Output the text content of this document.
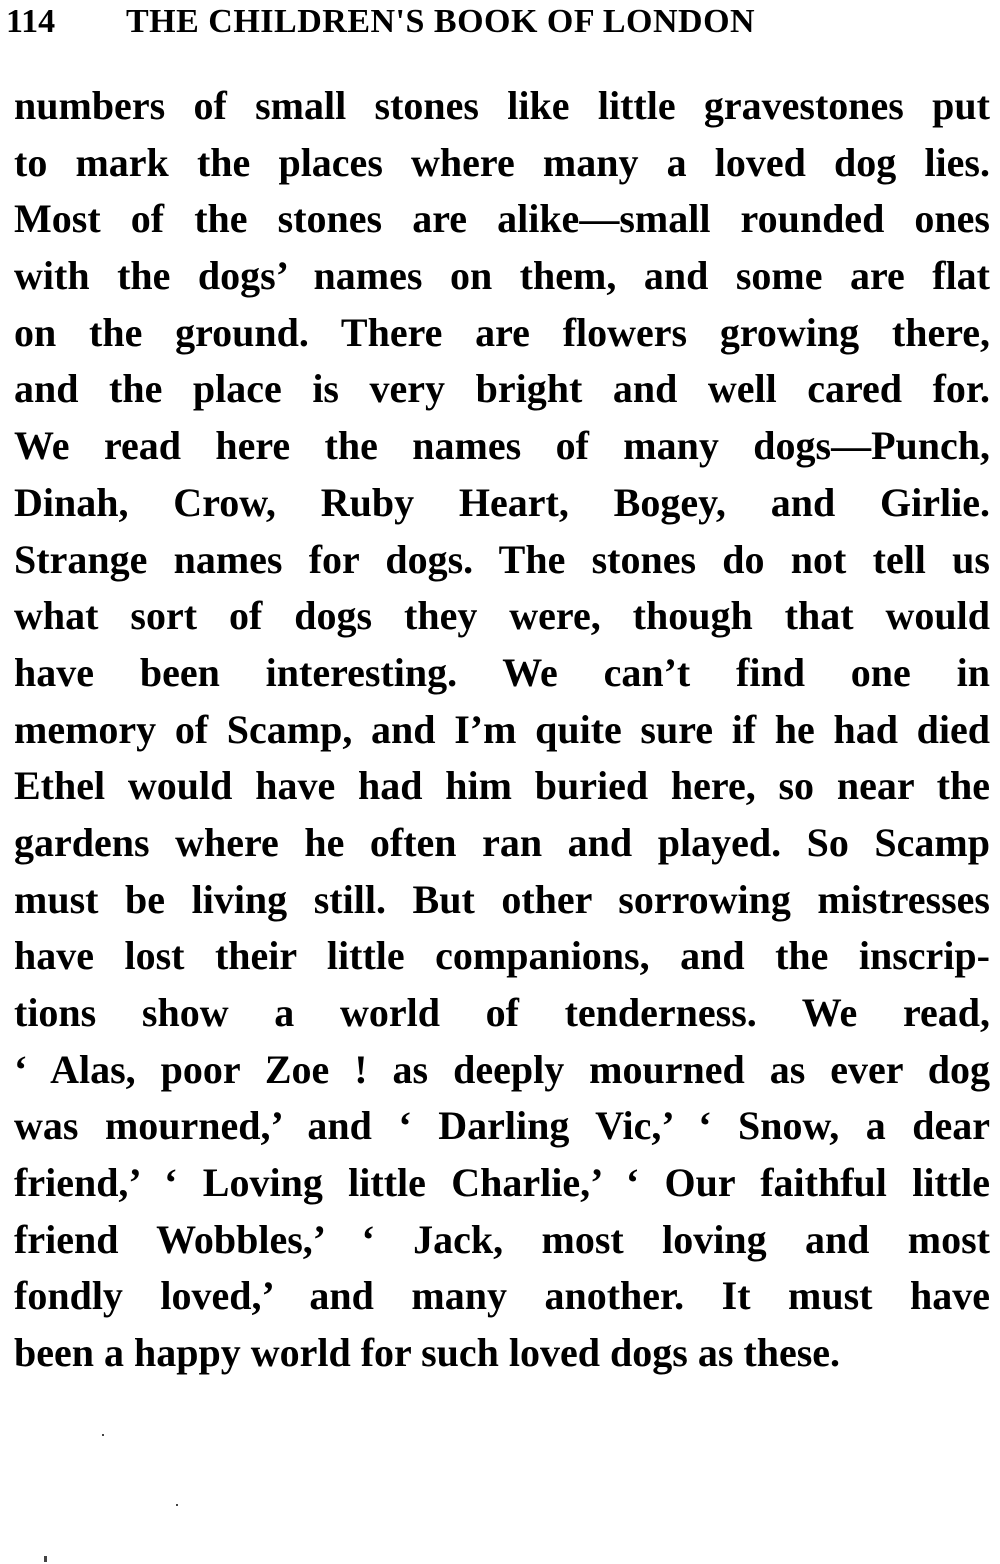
114 THE CHILDREN'S BOOK OF LONDON
numbers of small stones like little gravestones put
to mark the places where many a loved dog lies.
Most of the stones are alike—small rounded ones
with the dogs’ names on them, and some are flat
on the ground. There are flowers growing there,
and the place is very bright and well cared for.
We read here the names of many dogs—Punch,
Dinah, Crow, Ruby Heart, Bogey, and Girlie.
Strange names for dogs. The stones do not tell us
what sort of dogs they were, though that would
have been interesting. We can’t find one in
memory of Scamp, and I’m quite sure if he had died
Ethel would have had him buried here, so near the
gardens where he often ran and played. So Scamp
must be living still. But other sorrowing mistresses
have lost their little companions, and the inscrip-
tions show a world of tenderness. We read,
‘ Alas, poor Zoe ! as deeply mourned as ever dog
was mourned,’ and ‘ Darling Vic,’ ‘ Snow, a dear
friend,’ ‘ Loving little Charlie,’ ‘ Our faithful little
friend Wobbles,’ ‘ Jack, most loving and most
fondly loved,’ and many another. It must have
been a happy world for such loved dogs as these.
